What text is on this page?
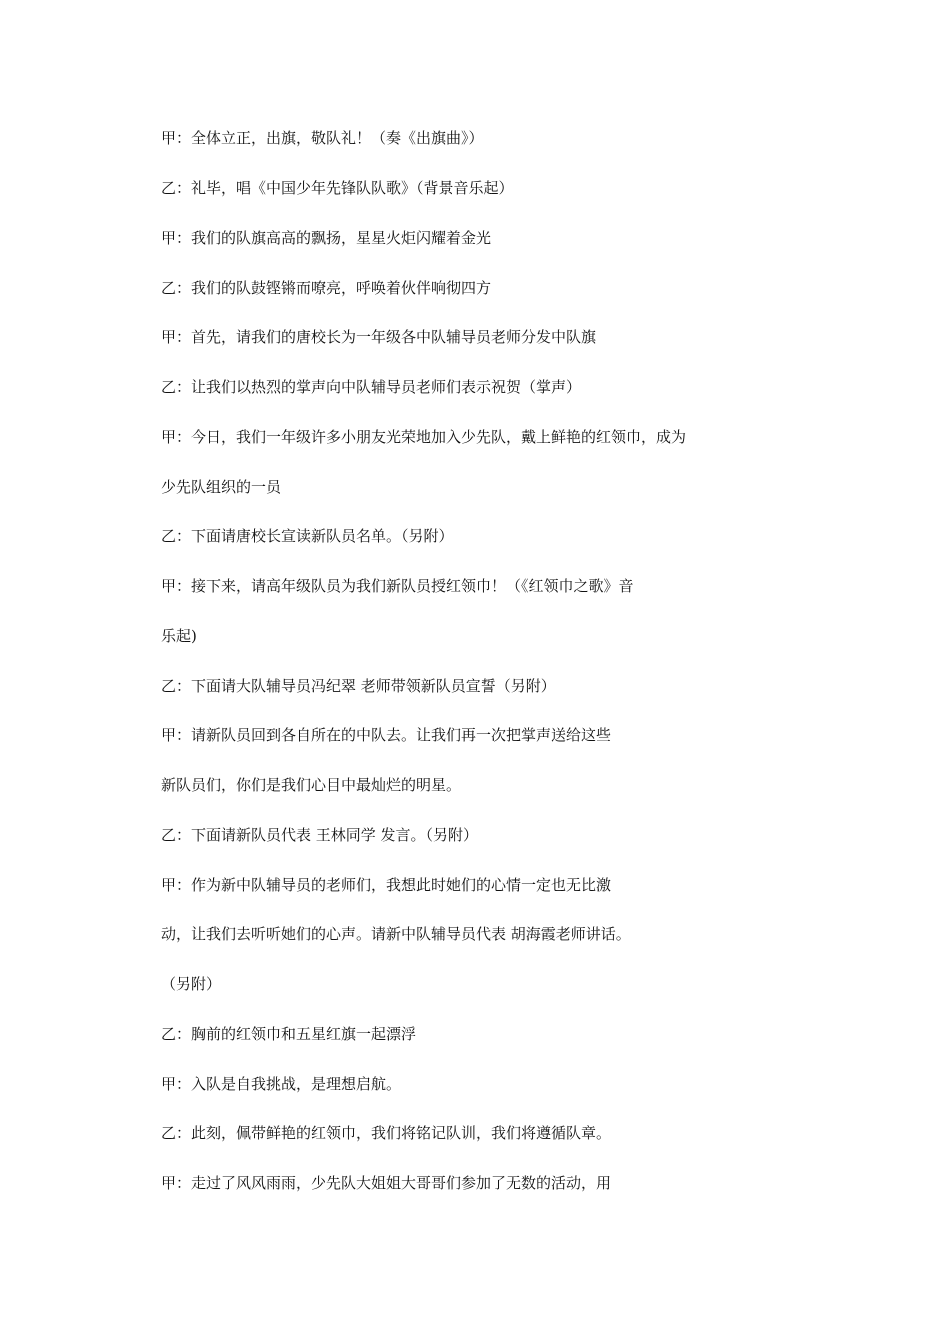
甲：全体立正，出旗，敬队礼！（奏《出旗曲》）
乙：礼毕，唱《中国少年先锋队队歌》（背景音乐起）
甲：我们的队旗高高的飘扬，星星火炬闪耀着金光
乙：我们的队鼓铿锵而嘹亮，呼唤着伙伴响彻四方
甲：首先，请我们的唐校长为一年级各中队辅导员老师分发中队旗
乙：让我们以热烈的掌声向中队辅导员老师们表示祝贺（掌声）
甲：今日，我们一年级许多小朋友光荣地加入少先队，戴上鲜艳的红领巾，成为
少先队组织的一员
乙：下面请唐校长宣读新队员名单。（另附）
甲：接下来，请高年级队员为我们新队员授红领巾！（《红领巾之歌》音
乐起)
乙：下面请大队辅导员冯纪翠 老师带领新队员宣誓（另附）
甲：请新队员回到各自所在的中队去。让我们再一次把掌声送给这些
新队员们，你们是我们心目中最灿烂的明星。
乙：下面请新队员代表 王林同学 发言。（另附）
甲：作为新中队辅导员的老师们，我想此时她们的心情一定也无比激
动，让我们去听听她们的心声。请新中队辅导员代表 胡海霞老师讲话。
（另附）
乙：胸前的红领巾和五星红旗一起漂浮
甲：入队是自我挑战，是理想启航。
乙：此刻，佩带鲜艳的红领巾，我们将铭记队训，我们将遵循队章。
甲：走过了风风雨雨，少先队大姐姐大哥哥们参加了无数的活动，用
